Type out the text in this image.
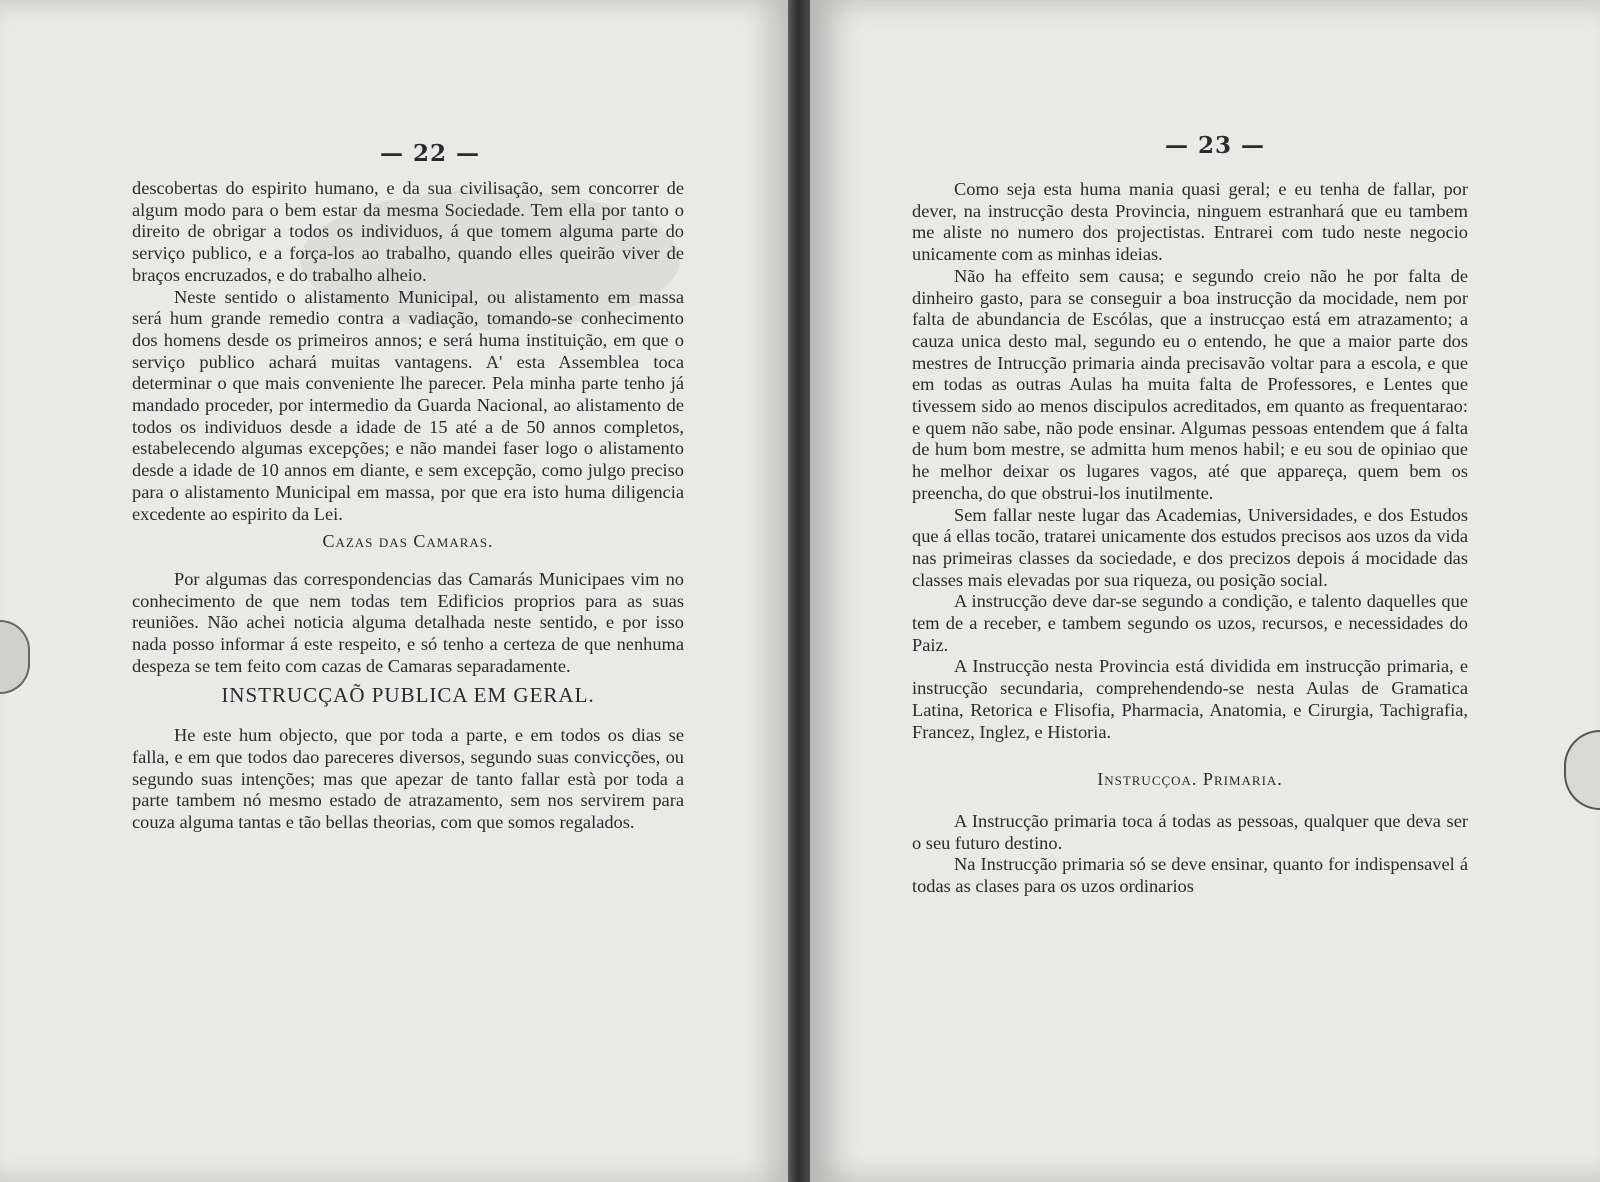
— 22 —

descobertas do espirito humano, e da sua civilisação, sem concorrer de algum modo para o bem estar da mesma Sociedade. Tem ella por tanto o direito de obrigar a todos os individuos, á que tomem alguma parte do serviço publico, e a força-los ao trabalho, quando elles queirão viver de braços encruzados, e do trabalho alheio.

Neste sentido o alistamento Municipal, ou alistamento em massa será hum grande remedio contra a vadiação, tomando-se conhecimento dos homens desde os primeiros annos; e será huma instituição, em que o serviço publico achará muitas vantagens. A' esta Assemblea toca determinar o que mais conveniente lhe parecer. Pela minha parte tenho já mandado proceder, por intermedio da Guarda Nacional, ao alistamento de todos os individuos desde a idade de 15 até a de 50 annos completos, estabelecendo algumas excepções; e não mandei faser logo o alistamento desde a idade de 10 annos em diante, e sem excepção, como julgo preciso para o alistamento Municipal em massa, por que era isto huma diligencia excedente ao espirito da Lei.

Cazas das Camaras.

Por algumas das correspondencias das Camarás Municipaes vim no conhecimento de que nem todas tem Edificios proprios para as suas reuniões. Não achei noticia alguma detalhada neste sentido, e por isso nada posso informar á este respeito, e só tenho a certeza de que nenhuma despeza se tem feito com cazas de Camaras separadamente.

INSTRUCÇAÕ PUBLICA EM GERAL.

He este hum objecto, que por toda a parte, e em todos os dias se falla, e em que todos dao pareceres diversos, segundo suas convicções, ou segundo suas intenções; mas que apezar de tanto fallar està por toda a parte tambem nó mesmo estado de atrazamento, sem nos servirem para couza alguma tantas e tão bellas theorias, com que somos regalados.

— 23 —

Como seja esta huma mania quasi geral; e eu tenha de fallar, por dever, na instrucção desta Provincia, ninguem estranhará que eu tambem me aliste no numero dos projectistas. Entrarei com tudo neste negocio unicamente com as minhas ideias.

Não ha effeito sem causa; e segundo creio não he por falta de dinheiro gasto, para se conseguir a boa instrucção da mocidade, nem por falta de abundancia de Escólas, que a instrucçao está em atrazamento; a cauza unica desto mal, segundo eu o entendo, he que a maior parte dos mestres de Intrucção primaria ainda precisavão voltar para a escola, e que em todas as outras Aulas ha muita falta de Professores, e Lentes que tivessem sido ao menos discipulos acreditados, em quanto as frequentarao: e quem não sabe, não pode ensinar. Algumas pessoas entendem que á falta de hum bom mestre, se admitta hum menos habil; e eu sou de opiniao que he melhor deixar os lugares vagos, até que appareça, quem bem os preencha, do que obstrui-los inutilmente.

Sem fallar neste lugar das Academias, Universidades, e dos Estudos que á ellas tocão, tratarei unicamente dos estudos precisos aos uzos da vida nas primeiras classes da sociedade, e dos precizos depois á mocidade das classes mais elevadas por sua riqueza, ou posição social.

A instrucção deve dar-se segundo a condição, e talento daquelles que tem de a receber, e tambem segundo os uzos, recursos, e necessidades do Paiz.

A Instrucção nesta Provincia está dividida em instrucção primaria, e instrucção secundaria, comprehendendo-se nesta Aulas de Gramatica Latina, Retorica e Flisofia, Pharmacia, Anatomia, e Cirurgia, Tachigrafia, Francez, Inglez, e Historia.

Instrucçoa. Primaria.

A Instrucção primaria toca á todas as pessoas, qualquer que deva ser o seu futuro destino.

Na Instrucção primaria só se deve ensinar, quanto for indispensavel á todas as clases para os uzos ordinarios
